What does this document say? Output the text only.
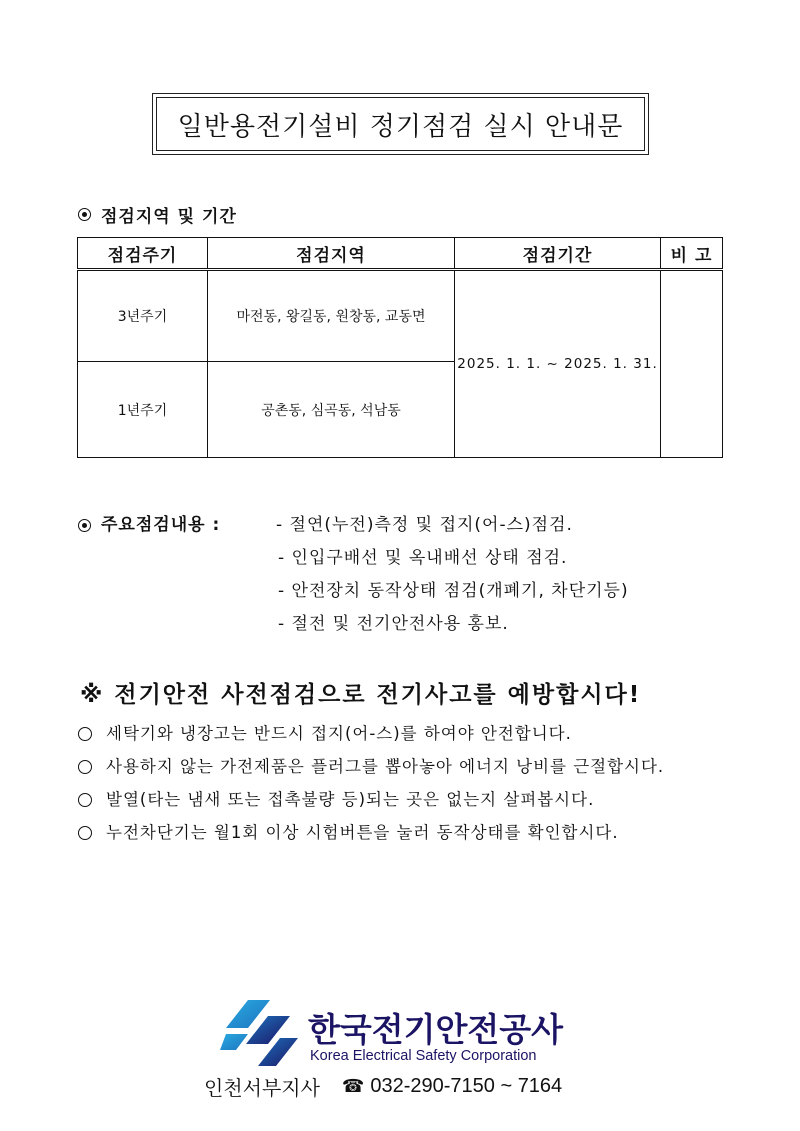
일반용전기설비 정기점검 실시 안내문
점검지역 및 기간
점검주기	점검지역	점검기간	비 고
3년주기	마전동, 왕길동, 원창동, 교동면	2025. 1. 1. ~ 2025. 1. 31.	
1년주기	공촌동, 심곡동, 석남동		
주요점검내용 :	- 절연(누전)측정 및 접지(어-스)점검.
- 인입구배선 및 옥내배선 상태 점검.
- 안전장치 동작상태 점검(개폐기, 차단기등)
- 절전 및 전기안전사용 홍보.
※ 전기안전 사전점검으로 전기사고를 예방합시다!
세탁기와 냉장고는 반드시 접지(어-스)를 하여야 안전합니다.
사용하지 않는 가전제품은 플러그를 뽑아놓아 에너지 낭비를 근절합시다.
발열(타는 냄새 또는 접촉불량 등)되는 곳은 없는지 살펴봅시다.
누전차단기는 월1회 이상 시험버튼을 눌러 동작상태를 확인합시다.
한국전기안전공사
Korea Electrical Safety Corporation
인천서부지사 ☎ 032-290-7150 ~ 7164
